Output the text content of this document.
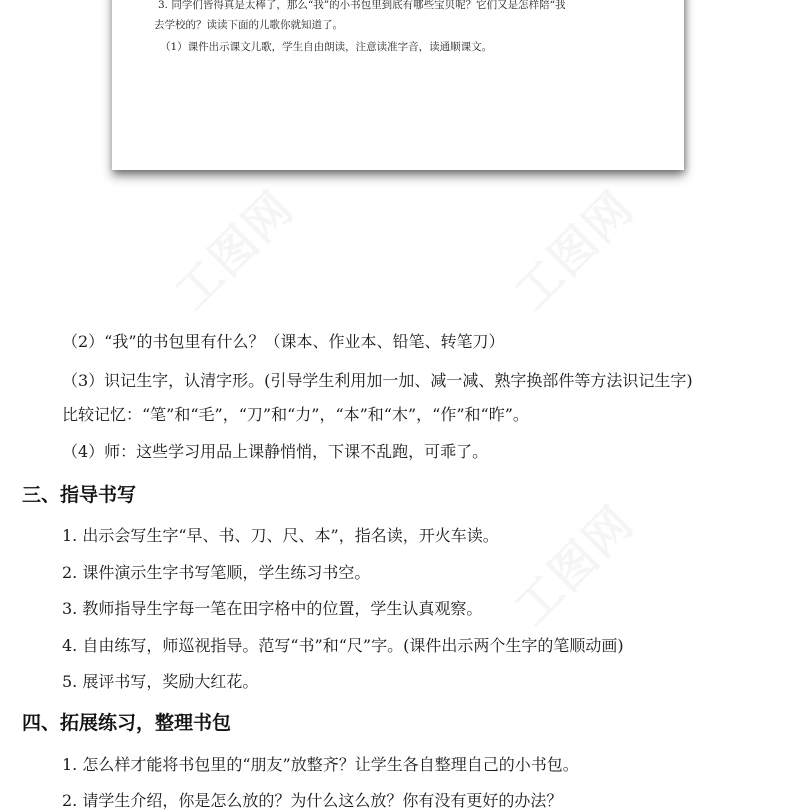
3. 同学们皆得真是太棒了，那么“我”的小书包里到底有哪些宝贝呢？它们又是怎样陪“我
去学校的？读读下面的儿歌你就知道了。
（1）课件出示课文儿歌，学生自由朗读，注意读准字音，读通顺课文。
工图网	工图网
工图网
（2）“我”的书包里有什么？（课本、作业本、铅笔、转笔刀）
（3）识记生字，认清字形。(引导学生利用加一加、减一减、熟字换部件等方法识记生字)
比较记忆：“笔”和“毛”，“刀”和“力”，“本”和“木”，“作”和“昨”。
（4）师：这些学习用品上课静悄悄，下课不乱跑，可乖了。
三、指导书写
1. 出示会写生字“早、书、刀、尺、本”，指名读，开火车读。
2. 课件演示生字书写笔顺，学生练习书空。
3. 教师指导生字每一笔在田字格中的位置，学生认真观察。
4. 自由练写，师巡视指导。范写“书”和“尺”字。(课件出示两个生字的笔顺动画)
5. 展评书写，奖励大红花。
四、拓展练习，整理书包
1. 怎么样才能将书包里的“朋友”放整齐？让学生各自整理自己的小书包。
2. 请学生介绍，你是怎么放的？为什么这么放？你有没有更好的办法？
